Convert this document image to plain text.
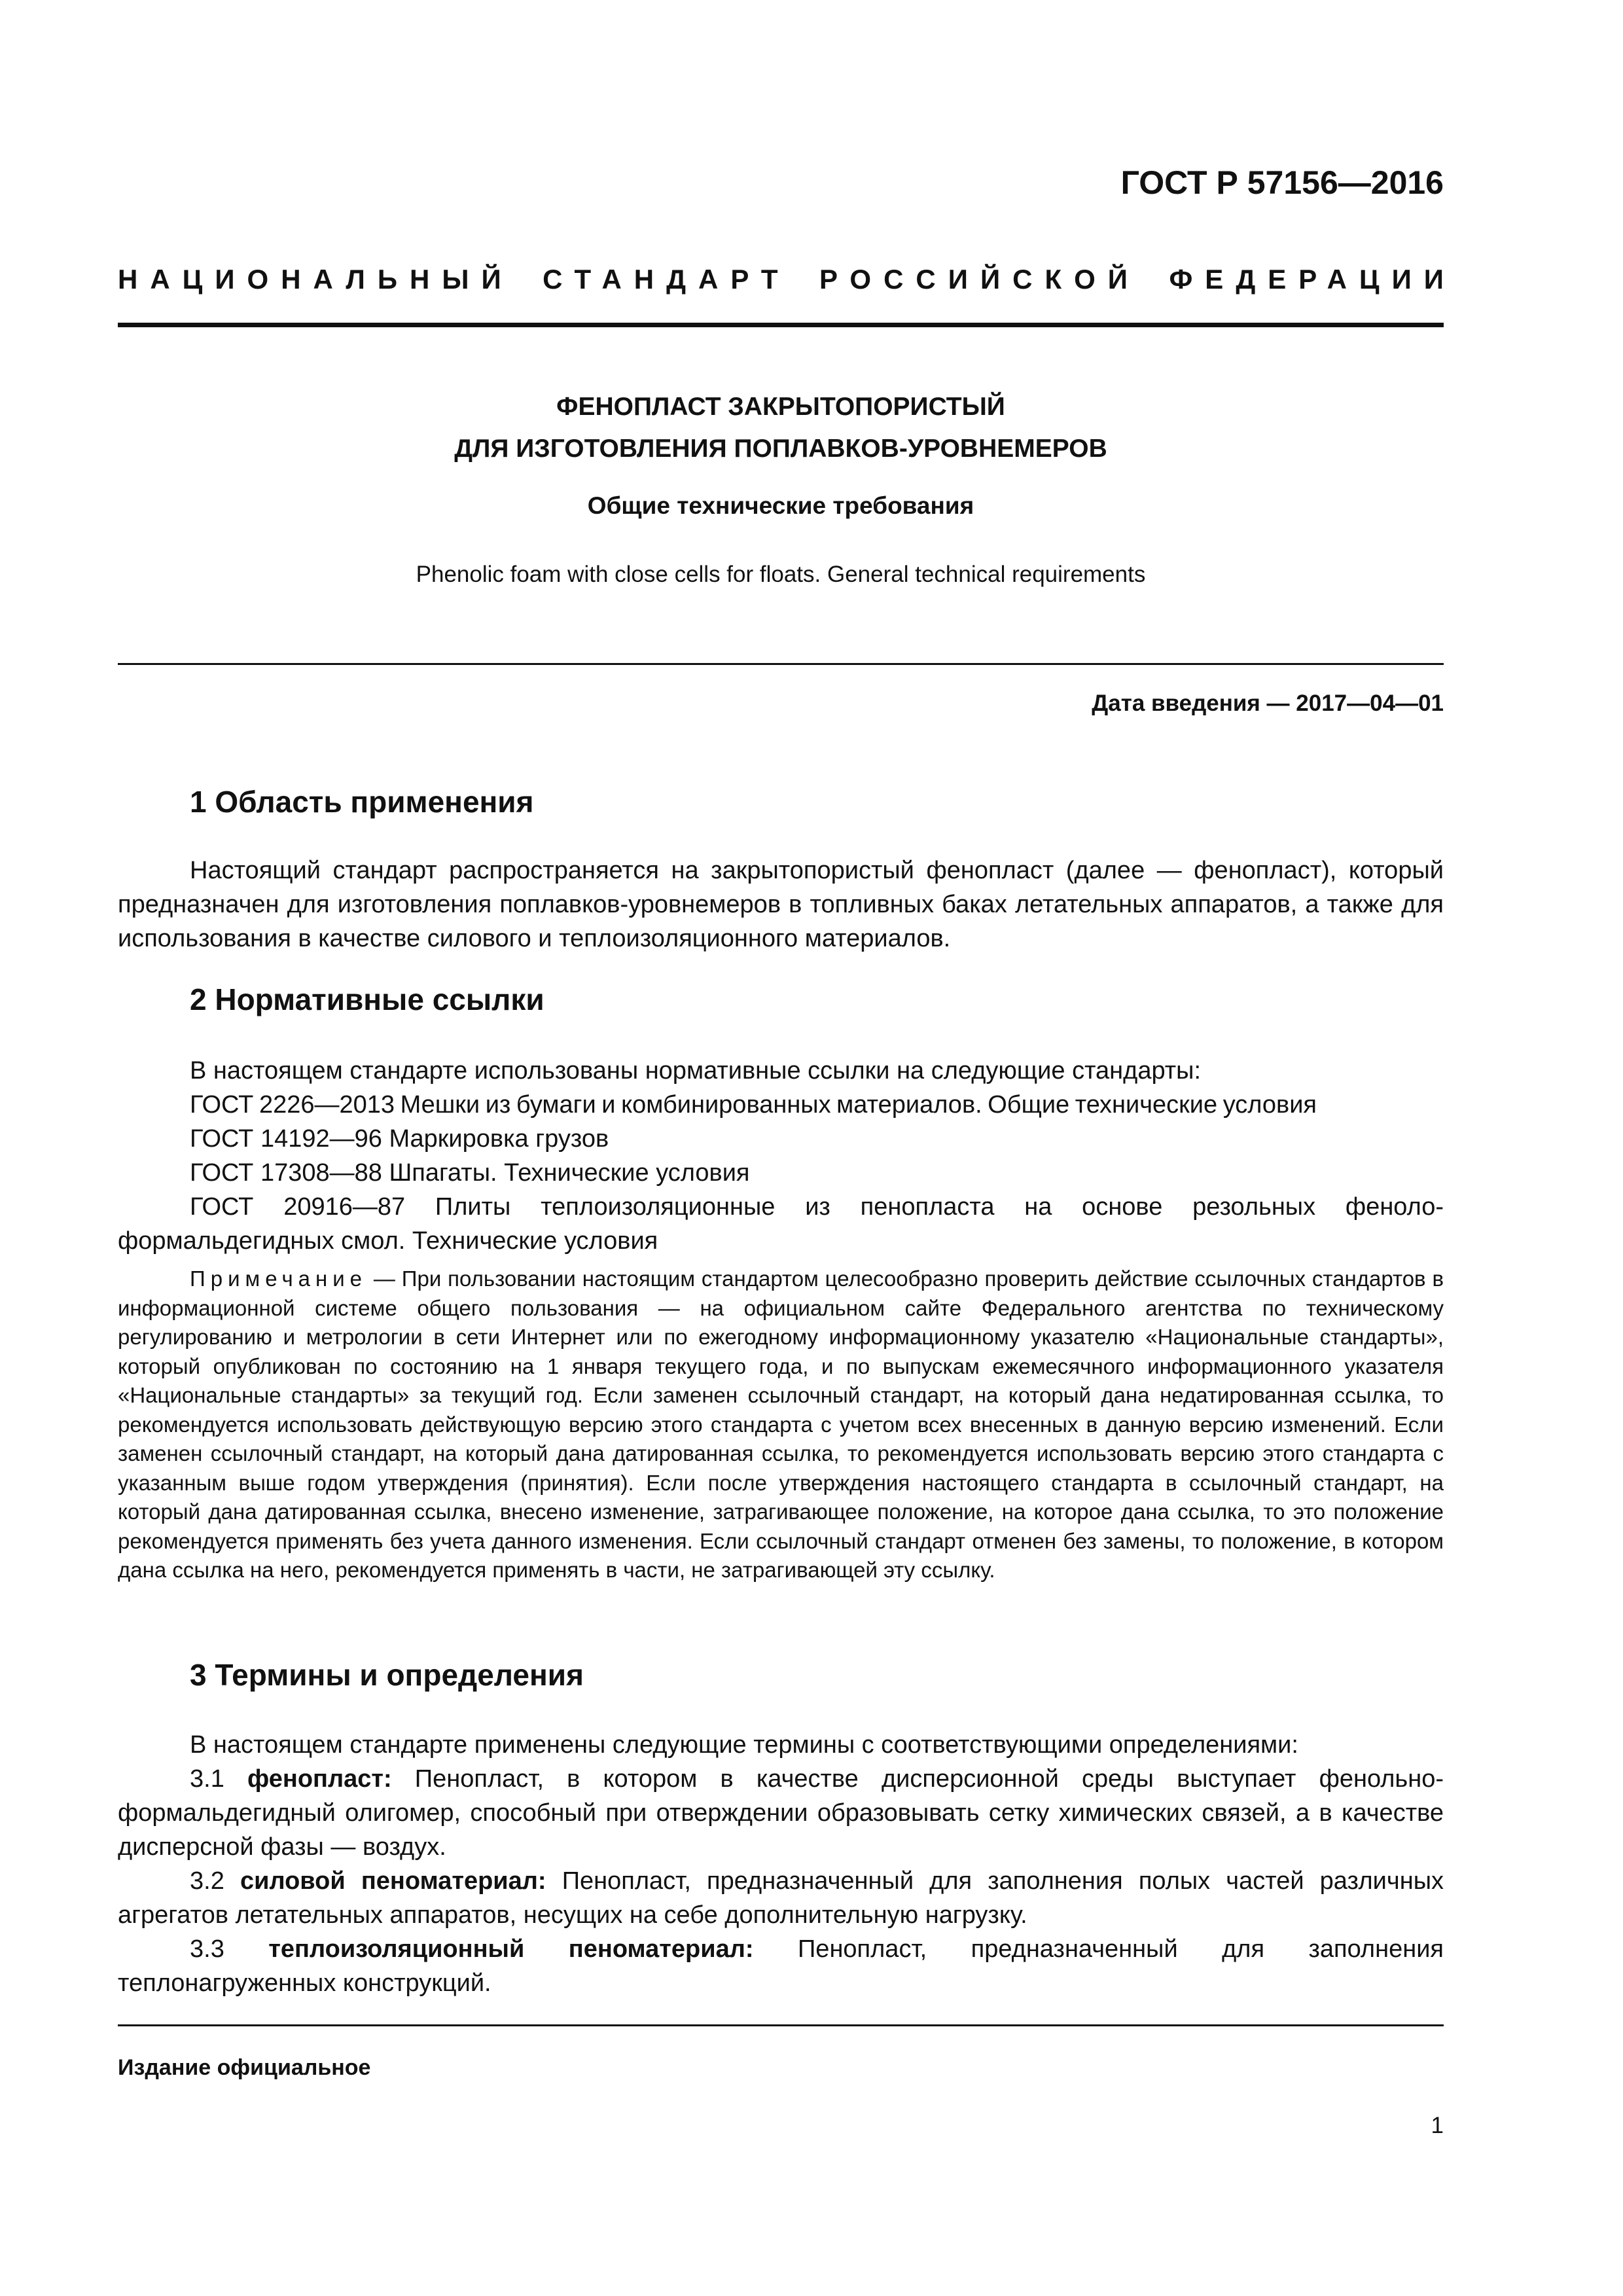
ГОСТ Р 57156—2016
НАЦИОНАЛЬНЫЙ СТАНДАРТ РОССИЙСКОЙ ФЕДЕРАЦИИ
ФЕНОПЛАСТ ЗАКРЫТОПОРИСТЫЙ
ДЛЯ ИЗГОТОВЛЕНИЯ ПОПЛАВКОВ-УРОВНЕМЕРОВ
Общие технические требования
Phenolic foam with close cells for floats. General technical requirements
Дата введения — 2017—04—01
1 Область применения

Настоящий стандарт распространяется на закрытопористый фенопласт (далее — фенопласт), который предназначен для изготовления поплавков-уровнемеров в топливных баках летательных аппаратов, а также для использования в качестве силового и теплоизоляционного материалов.

2 Нормативные ссылки
В настоящем стандарте использованы нормативные ссылки на следующие стандарты:
ГОСТ 2226—2013 Мешки из бумаги и комбинированных материалов. Общие технические условия
ГОСТ 14192—96 Маркировка грузов
ГОСТ 17308—88 Шпагаты. Технические условия
ГОСТ 20916—87 Плиты теплоизоляционные из пенопласта на основе резольных феноло-формальдегидных смол. Технические условия

Примечание — При пользовании настоящим стандартом целесообразно проверить действие ссылочных стандартов в информационной системе общего пользования — на официальном сайте Федерального агентства по техническому регулированию и метрологии в сети Интернет или по ежегодному информационному указателю «Национальные стандарты», который опубликован по состоянию на 1 января текущего года, и по выпускам ежемесячного информационного указателя «Национальные стандарты» за текущий год. Если заменен ссылочный стандарт, на который дана недатированная ссылка, то рекомендуется использовать действующую версию этого стандарта с учетом всех внесенных в данную версию изменений. Если заменен ссылочный стандарт, на который дана датированная ссылка, то рекомендуется использовать версию этого стандарта с указанным выше годом утверждения (принятия). Если после утверждения настоящего стандарта в ссылочный стандарт, на который дана датированная ссылка, внесено изменение, затрагивающее положение, на которое дана ссылка, то это положение рекомендуется применять без учета данного изменения. Если ссылочный стандарт отменен без замены, то положение, в котором дана ссылка на него, рекомендуется применять в части, не затрагивающей эту ссылку.

3 Термины и определения

В настоящем стандарте применены следующие термины с соответствующими определениями:

3.1 фенопласт: Пенопласт, в котором в качестве дисперсионной среды выступает фенольно-формальдегидный олигомер, способный при отверждении образовывать сетку химических связей, а в качестве дисперсной фазы — воздух.

3.2 силовой пеноматериал: Пенопласт, предназначенный для заполнения полых частей различных агрегатов летательных аппаратов, несущих на себе дополнительную нагрузку.

3.3 теплоизоляционный пеноматериал: Пенопласт, предназначенный для заполнения теплонагруженных конструкций.

Издание официальное
1
